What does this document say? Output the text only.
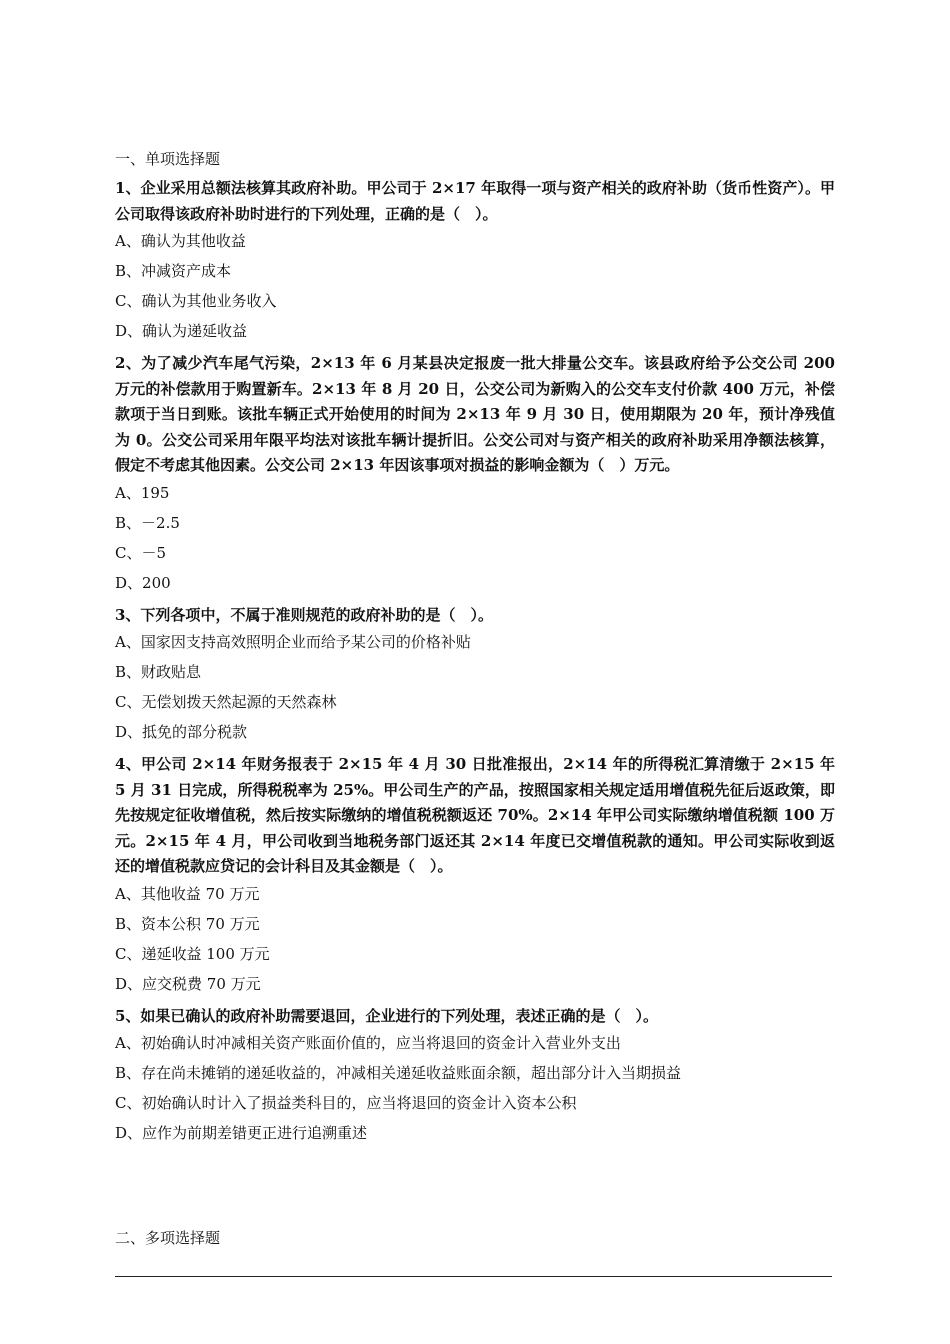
一、单项选择题

1、企业采用总额法核算其政府补助。甲公司于 2×17 年取得一项与资产相关的政府补助（货币性资产）。甲公司取得该政府补助时进行的下列处理，正确的是（　）。

A、确认为其他收益
B、冲减资产成本
C、确认为其他业务收入
D、确认为递延收益

2、为了减少汽车尾气污染，2×13 年 6 月某县决定报废一批大排量公交车。该县政府给予公交公司 200 万元的补偿款用于购置新车。2×13 年 8 月 20 日，公交公司为新购入的公交车支付价款 400 万元，补偿款项于当日到账。该批车辆正式开始使用的时间为 2×13 年 9 月 30 日，使用期限为 20 年，预计净残值为 0。公交公司采用年限平均法对该批车辆计提折旧。公交公司对与资产相关的政府补助采用净额法核算，假定不考虑其他因素。公交公司 2×13 年因该事项对损益的影响金额为（　）万元。

A、195
B、－2.5
C、－5
D、200

3、下列各项中，不属于准则规范的政府补助的是（　）。

A、国家因支持高效照明企业而给予某公司的价格补贴
B、财政贴息
C、无偿划拨天然起源的天然森林
D、抵免的部分税款

4、甲公司 2×14 年财务报表于 2×15 年 4 月 30 日批准报出，2×14 年的所得税汇算清缴于 2×15 年 5 月 31 日完成，所得税税率为 25%。甲公司生产的产品，按照国家相关规定适用增值税先征后返政策，即先按规定征收增值税，然后按实际缴纳的增值税税额返还 70%。2×14 年甲公司实际缴纳增值税额 100 万元。2×15 年 4 月，甲公司收到当地税务部门返还其 2×14 年度已交增值税款的通知。甲公司实际收到返还的增值税款应贷记的会计科目及其金额是（　）。

A、其他收益 70 万元
B、资本公积 70 万元
C、递延收益 100 万元
D、应交税费 70 万元

5、如果已确认的政府补助需要退回，企业进行的下列处理，表述正确的是（　）。

A、初始确认时冲减相关资产账面价值的，应当将退回的资金计入营业外支出
B、存在尚未摊销的递延收益的，冲减相关递延收益账面余额，超出部分计入当期损益
C、初始确认时计入了损益类科目的，应当将退回的资金计入资本公积
D、应作为前期差错更正进行追溯重述
二、多项选择题
